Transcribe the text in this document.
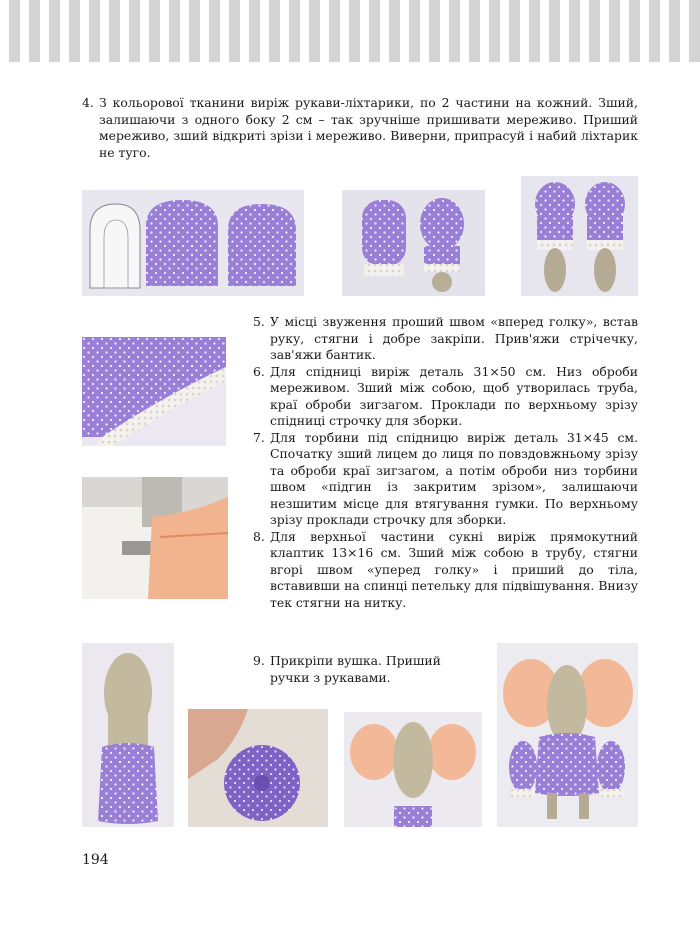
4. З кольорової тканини виріж рукави-ліхтарики, по 2 частини на кожний. Зший, залишаючи з одного боку 2 см – так зручніше пришивати мереживо. Приший мереживо, зший відкриті зрізи і мереживо. Виверни, припрасуй і набий ліхтарик не туго.
5. У місці звуження проший швом «вперед голку», встав руку, стягни і добре закріпи. Прив'яжи стрічечку, зав'яжи бантик.
6. Для спідниці виріж деталь 31×50 см. Низ оброби мереживом. Зший між собою, щоб утворилась труба, краї оброби зигзагом. Проклади по верхньому зрізу спідниці строчку для зборки.
7. Для торбини під спідницю виріж деталь 31×45 см. Спочатку зший лицем до лиця по повздовжньому зрізу та оброби краї зигзагом, а потім оброби низ торбини швом «підгин із закритим зрізом», залишаючи незшитим місце для втягування гумки. По верхньому зрізу проклади строчку для зборки.
8. Для верхньої частини сукні виріж прямокутний клаптик 13×16 см. Зший між собою в трубу, стягни вгорі швом «уперед голку» і приший до тіла, вставивши на спинці петельку для підвішування. Внизу тек стягни на нитку.
9. Прикріпи вушка. Приший ручки з рукавами.
194
